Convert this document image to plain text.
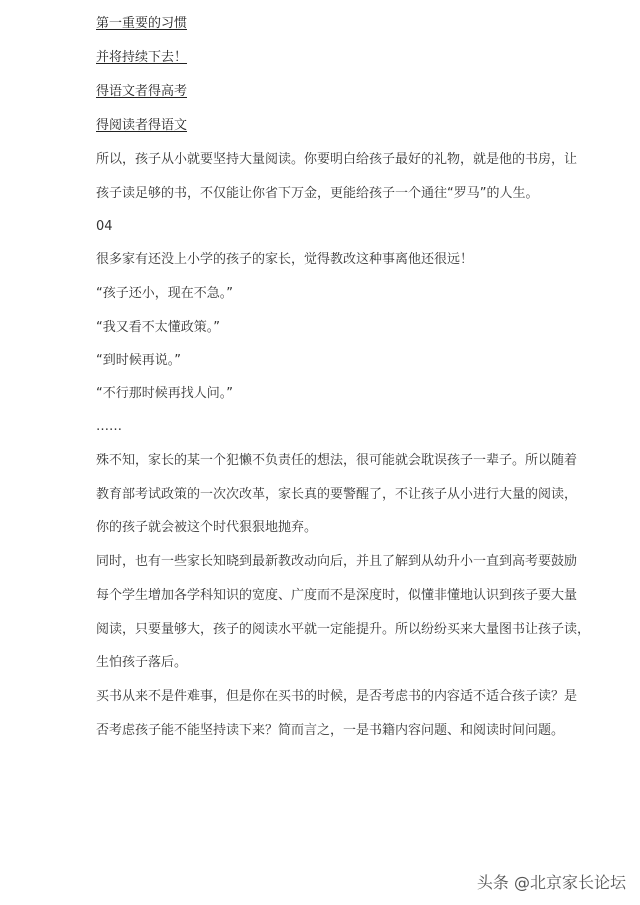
第一重要的习惯
并将持续下去！
得语文者得高考
得阅读者得语文
所以，孩子从小就要坚持大量阅读。你要明白给孩子最好的礼物，就是他的书房，让
孩子读足够的书，不仅能让你省下万金，更能给孩子一个通往“罗马”的人生。
04
很多家有还没上小学的孩子的家长，觉得教改这种事离他还很远！
“孩子还小，现在不急。”
“我又看不太懂政策。”
“到时候再说。”
“不行那时候再找人问。”
……
殊不知，家长的某一个犯懒不负责任的想法，很可能就会耽误孩子一辈子。所以随着
教育部考试政策的一次次改革，家长真的要警醒了，不让孩子从小进行大量的阅读，
你的孩子就会被这个时代狠狠地抛弃。
同时，也有一些家长知晓到最新教改动向后，并且了解到从幼升小一直到高考要鼓励
每个学生增加各学科知识的宽度、广度而不是深度时，似懂非懂地认识到孩子要大量
阅读，只要量够大，孩子的阅读水平就一定能提升。所以纷纷买来大量图书让孩子读，
生怕孩子落后。
买书从来不是件难事，但是你在买书的时候，是否考虑书的内容适不适合孩子读？是
否考虑孩子能不能坚持读下来？简而言之，一是书籍内容问题、和阅读时间问题。
头条 @北京家长论坛
